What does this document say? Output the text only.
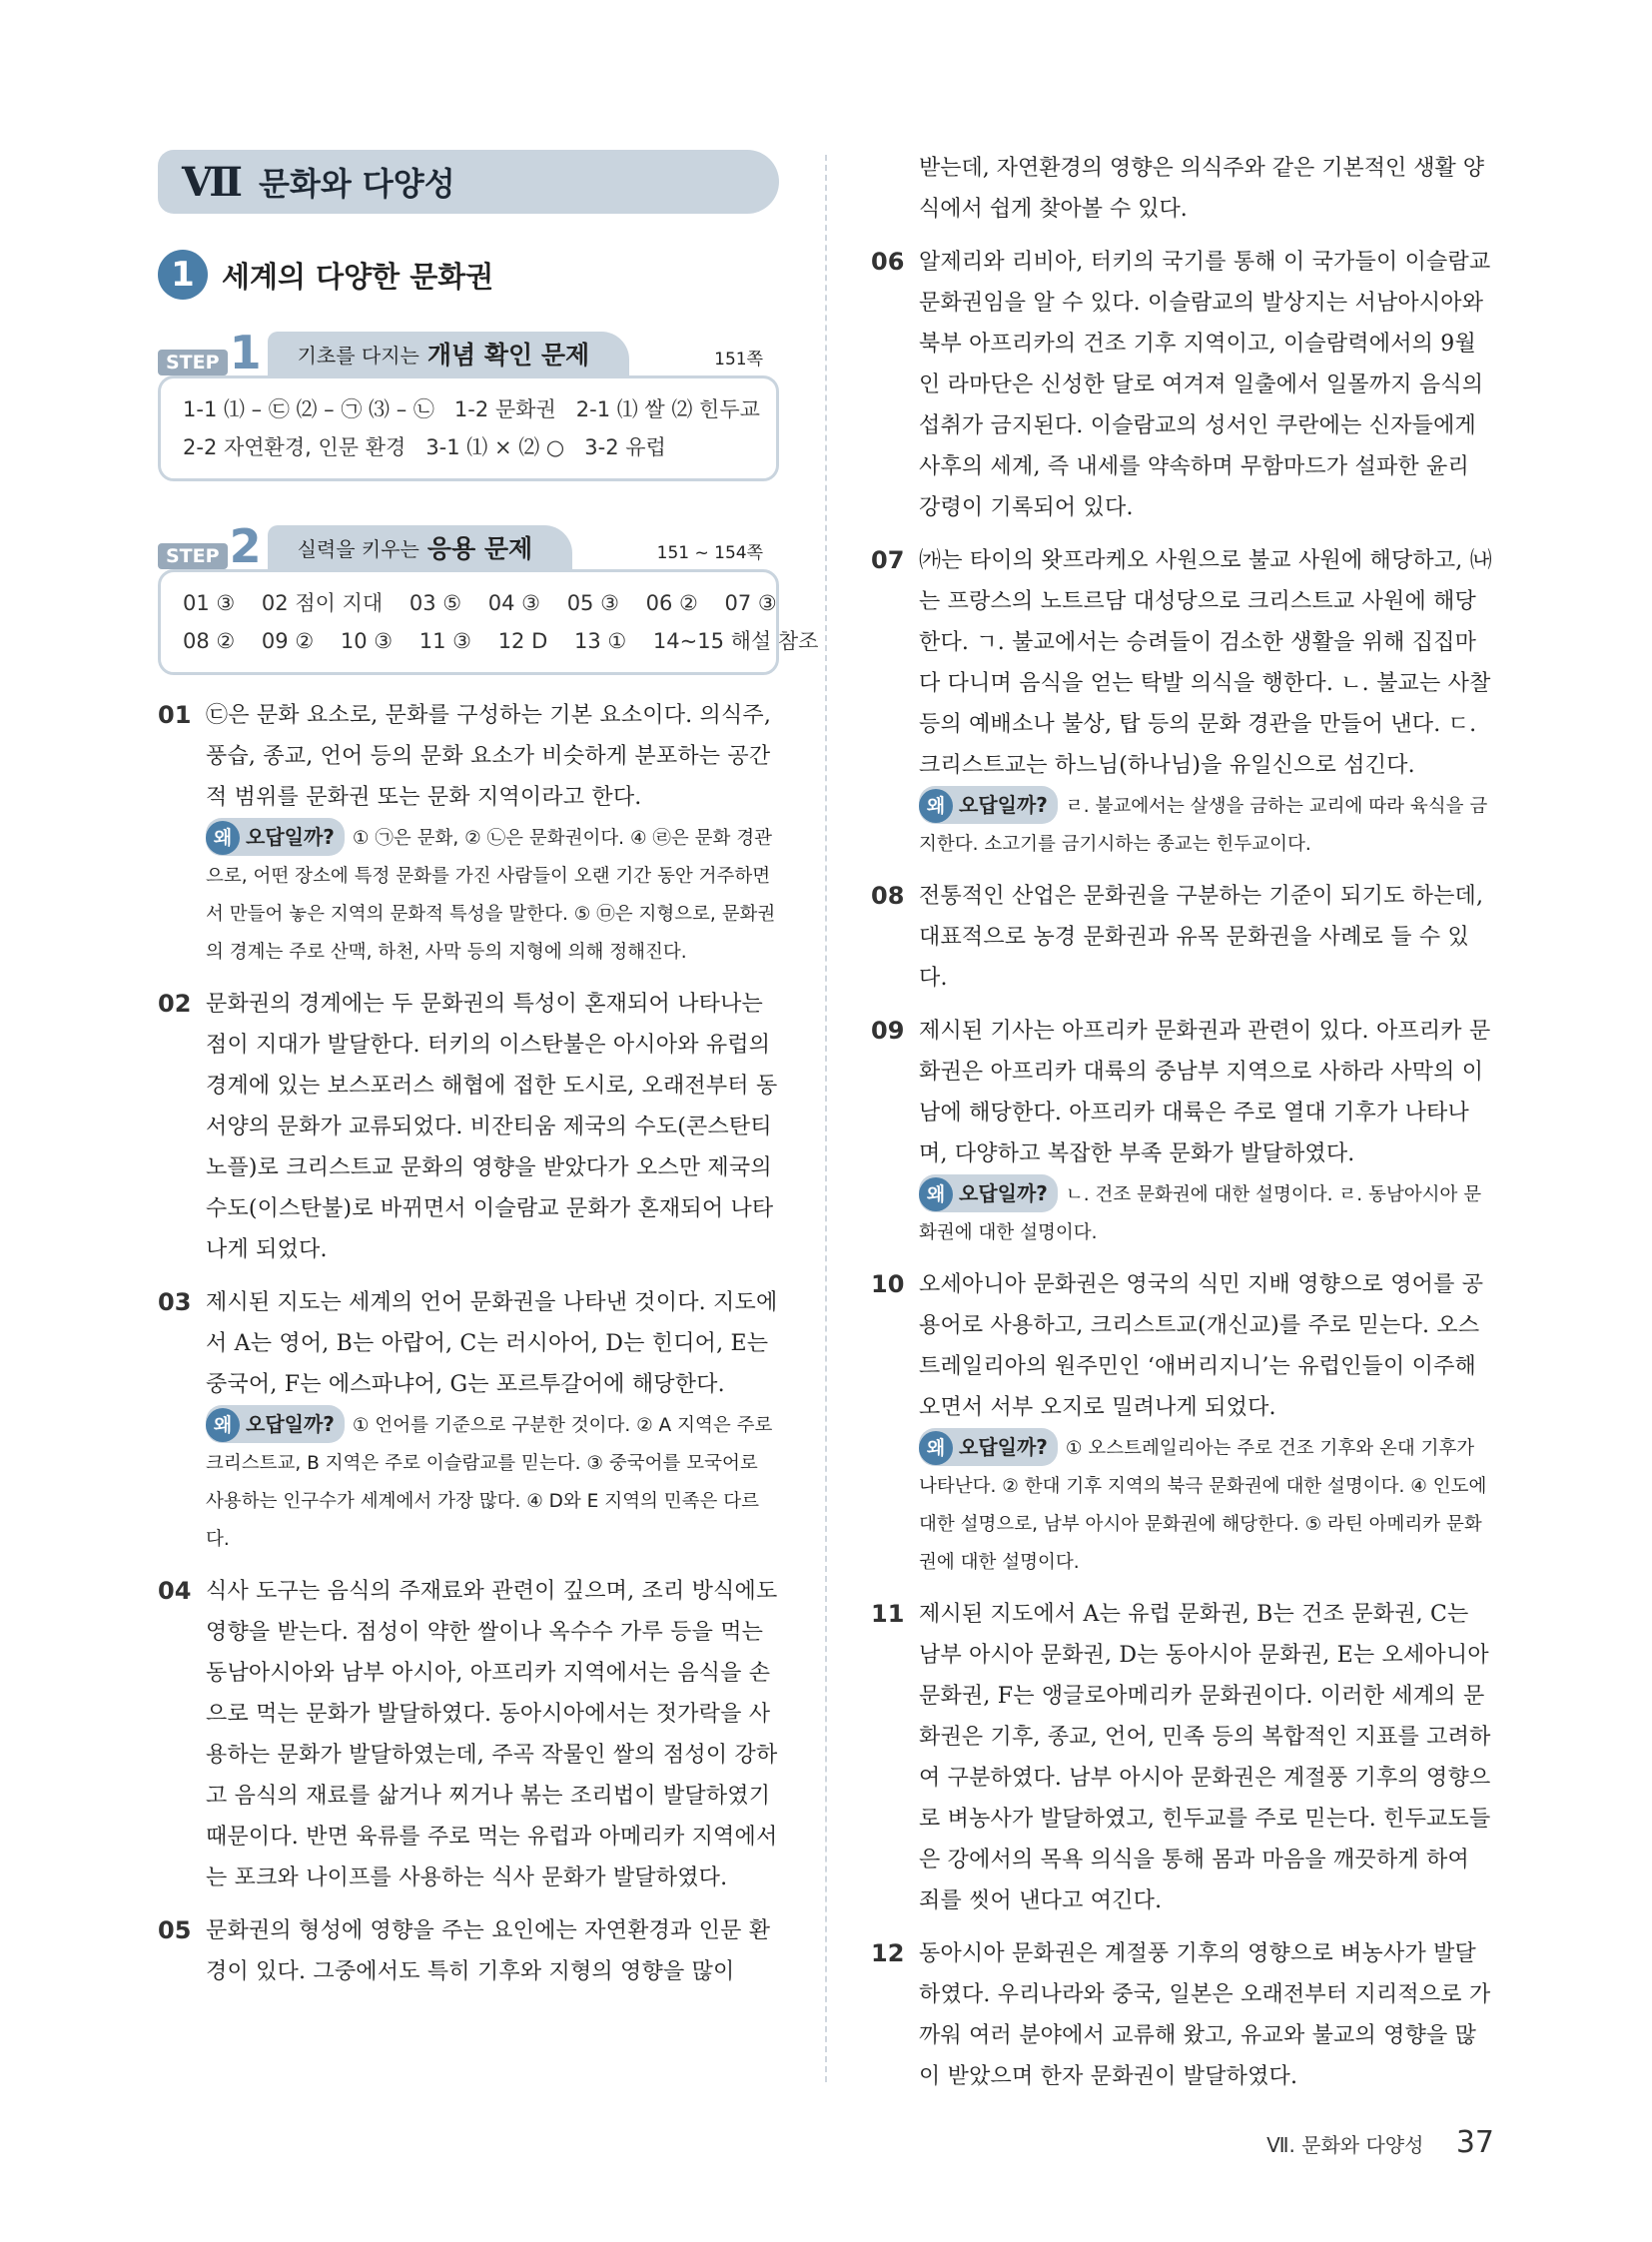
Ⅶ 문화와 다양성
1 세계의 다양한 문화권
STEP 1 기초를 다지는 개념 확인 문제	151쪽
1-1 ⑴ – ㉢ ⑵ – ㉠ ⑶ – ㉡   1-2 문화권   2-1 ⑴ 쌀 ⑵ 힌두교
2-2 자연환경, 인문 환경   3-1 ⑴ × ⑵ ○   3-2 유럽
STEP 2 실력을 키우는 응용 문제	151 ~ 154쪽
01 ③    02 점이 지대    03 ⑤    04 ③    05 ③    06 ②    07 ③
08 ②    09 ②    10 ③    11 ③    12 D    13 ①    14~15 해설 참조
01 ㉢은 문화 요소로, 문화를 구성하는 기본 요소이다. 의식주, 풍습, 종교, 언어 등의 문화 요소가 비슷하게 분포하는 공간적 범위를 문화권 또는 문화 지역이라고 한다.
왜 오답일까? ① ㉠은 문화, ② ㉡은 문화권이다. ④ ㉣은 문화 경관으로, 어떤 장소에 특정 문화를 가진 사람들이 오랜 기간 동안 거주하면서 만들어 놓은 지역의 문화적 특성을 말한다. ⑤ ㉤은 지형으로, 문화권의 경계는 주로 산맥, 하천, 사막 등의 지형에 의해 정해진다.
02 문화권의 경계에는 두 문화권의 특성이 혼재되어 나타나는 점이 지대가 발달한다. 터키의 이스탄불은 아시아와 유럽의 경계에 있는 보스포러스 해협에 접한 도시로, 오래전부터 동서양의 문화가 교류되었다. 비잔티움 제국의 수도(콘스탄티노플)로 크리스트교 문화의 영향을 받았다가 오스만 제국의 수도(이스탄불)로 바뀌면서 이슬람교 문화가 혼재되어 나타나게 되었다.
03 제시된 지도는 세계의 언어 문화권을 나타낸 것이다. 지도에서 A는 영어, B는 아랍어, C는 러시아어, D는 힌디어, E는 중국어, F는 에스파냐어, G는 포르투갈어에 해당한다.
왜 오답일까? ① 언어를 기준으로 구분한 것이다. ② A 지역은 주로 크리스트교, B 지역은 주로 이슬람교를 믿는다. ③ 중국어를 모국어로 사용하는 인구수가 세계에서 가장 많다. ④ D와 E 지역의 민족은 다르다.
04 식사 도구는 음식의 주재료와 관련이 깊으며, 조리 방식에도 영향을 받는다. 점성이 약한 쌀이나 옥수수 가루 등을 먹는 동남아시아와 남부 아시아, 아프리카 지역에서는 음식을 손으로 먹는 문화가 발달하였다. 동아시아에서는 젓가락을 사용하는 문화가 발달하였는데, 주곡 작물인 쌀의 점성이 강하고 음식의 재료를 삶거나 찌거나 볶는 조리법이 발달하였기 때문이다. 반면 육류를 주로 먹는 유럽과 아메리카 지역에서는 포크와 나이프를 사용하는 식사 문화가 발달하였다.
05 문화권의 형성에 영향을 주는 요인에는 자연환경과 인문 환경이 있다. 그중에서도 특히 기후와 지형의 영향을 많이
받는데, 자연환경의 영향은 의식주와 같은 기본적인 생활 양식에서 쉽게 찾아볼 수 있다.
06 알제리와 리비아, 터키의 국기를 통해 이 국가들이 이슬람교 문화권임을 알 수 있다. 이슬람교의 발상지는 서남아시아와 북부 아프리카의 건조 기후 지역이고, 이슬람력에서의 9월인 라마단은 신성한 달로 여겨져 일출에서 일몰까지 음식의 섭취가 금지된다. 이슬람교의 성서인 쿠란에는 신자들에게 사후의 세계, 즉 내세를 약속하며 무함마드가 설파한 윤리 강령이 기록되어 있다.
07 ㈎는 타이의 왓프라케오 사원으로 불교 사원에 해당하고, ㈏는 프랑스의 노트르담 대성당으로 크리스트교 사원에 해당한다. ㄱ. 불교에서는 승려들이 검소한 생활을 위해 집집마다 다니며 음식을 얻는 탁발 의식을 행한다. ㄴ. 불교는 사찰 등의 예배소나 불상, 탑 등의 문화 경관을 만들어 낸다. ㄷ. 크리스트교는 하느님(하나님)을 유일신으로 섬긴다.
왜 오답일까? ㄹ. 불교에서는 살생을 금하는 교리에 따라 육식을 금지한다. 소고기를 금기시하는 종교는 힌두교이다.
08 전통적인 산업은 문화권을 구분하는 기준이 되기도 하는데, 대표적으로 농경 문화권과 유목 문화권을 사례로 들 수 있다.
09 제시된 기사는 아프리카 문화권과 관련이 있다. 아프리카 문화권은 아프리카 대륙의 중남부 지역으로 사하라 사막의 이남에 해당한다. 아프리카 대륙은 주로 열대 기후가 나타나며, 다양하고 복잡한 부족 문화가 발달하였다.
왜 오답일까? ㄴ. 건조 문화권에 대한 설명이다. ㄹ. 동남아시아 문화권에 대한 설명이다.
10 오세아니아 문화권은 영국의 식민 지배 영향으로 영어를 공용어로 사용하고, 크리스트교(개신교)를 주로 믿는다. 오스트레일리아의 원주민인 ‘애버리지니’는 유럽인들이 이주해 오면서 서부 오지로 밀려나게 되었다.
왜 오답일까? ① 오스트레일리아는 주로 건조 기후와 온대 기후가 나타난다. ② 한대 기후 지역의 북극 문화권에 대한 설명이다. ④ 인도에 대한 설명으로, 남부 아시아 문화권에 해당한다. ⑤ 라틴 아메리카 문화권에 대한 설명이다.
11 제시된 지도에서 A는 유럽 문화권, B는 건조 문화권, C는 남부 아시아 문화권, D는 동아시아 문화권, E는 오세아니아 문화권, F는 앵글로아메리카 문화권이다. 이러한 세계의 문화권은 기후, 종교, 언어, 민족 등의 복합적인 지표를 고려하여 구분하였다. 남부 아시아 문화권은 계절풍 기후의 영향으로 벼농사가 발달하였고, 힌두교를 주로 믿는다. 힌두교도들은 강에서의 목욕 의식을 통해 몸과 마음을 깨끗하게 하여 죄를 씻어 낸다고 여긴다.
12 동아시아 문화권은 계절풍 기후의 영향으로 벼농사가 발달하였다. 우리나라와 중국, 일본은 오래전부터 지리적으로 가까워 여러 분야에서 교류해 왔고, 유교와 불교의 영향을 많이 받았으며 한자 문화권이 발달하였다.
Ⅶ. 문화와 다양성 37
